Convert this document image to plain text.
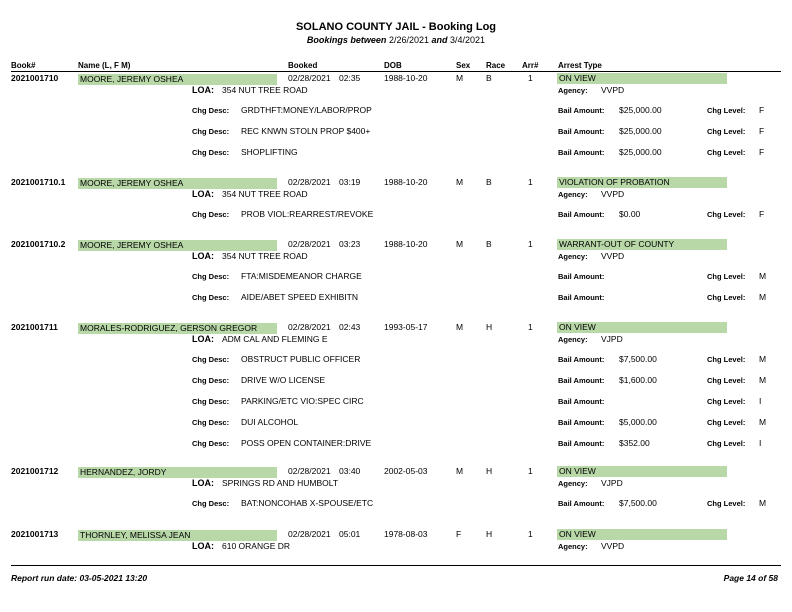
SOLANO COUNTY JAIL - Booking Log
Bookings between 2/26/2021 and 3/4/2021
Book#	Name (L, F M)	Booked	DOB	Sex Race Arr# Arrest Type
2021001710	MOORE, JEREMY OSHEA	02/28/2021 02:35	1988-10-20	M	B	1	ON VIEW
LOA: 354 NUT TREE ROAD	Agency: VVPD
Chg Desc: GRDTHFT:MONEY/LABOR/PROP	Bail Amount: $25,000.00	Chg Level: F
Chg Desc: REC KNWN STOLN PROP $400+	Bail Amount: $25,000.00	Chg Level: F
Chg Desc: SHOPLIFTING	Bail Amount: $25,000.00	Chg Level: F
2021001710.1 MOORE, JEREMY OSHEA	02/28/2021 03:19	1988-10-20	M	B	1	VIOLATION OF PROBATION
LOA: 354 NUT TREE ROAD	Agency: VVPD
Chg Desc: PROB VIOL:REARREST/REVOKE	Bail Amount: $0.00	Chg Level: F
2021001710.2 MOORE, JEREMY OSHEA	02/28/2021 03:23	1988-10-20	M	B	1	WARRANT-OUT OF COUNTY
LOA: 354 NUT TREE ROAD	Agency: VVPD
Chg Desc: FTA:MISDEMEANOR CHARGE	Bail Amount:	Chg Level: M
Chg Desc: AIDE/ABET SPEED EXHIBITN	Bail Amount:	Chg Level: M
2021001711	MORALES-RODRIGUEZ, GERSON GREGOR	02/28/2021 02:43	1993-05-17	M	H	1	ON VIEW
LOA: ADM CAL AND FLEMING E	Agency: VJPD
Chg Desc: OBSTRUCT PUBLIC OFFICER	Bail Amount: $7,500.00	Chg Level: M
Chg Desc: DRIVE W/O LICENSE	Bail Amount: $1,600.00	Chg Level: M
Chg Desc: PARKING/ETC VIO:SPEC CIRC	Bail Amount:	Chg Level: I
Chg Desc: DUI ALCOHOL	Bail Amount: $5,000.00	Chg Level: M
Chg Desc: POSS OPEN CONTAINER:DRIVE	Bail Amount: $352.00	Chg Level: I
2021001712	HERNANDEZ, JORDY	02/28/2021 03:40	2002-05-03	M	H	1	ON VIEW
LOA: SPRINGS RD AND HUMBOLT	Agency: VJPD
Chg Desc: BAT:NONCOHAB X-SPOUSE/ETC	Bail Amount: $7,500.00	Chg Level: M
2021001713	THORNLEY, MELISSA JEAN	02/28/2021 05:01	1978-08-03	F	H	1	ON VIEW
LOA: 610 ORANGE DR	Agency: VVPD
Report run date: 03-05-2021 13:20	Page 14 of 58
